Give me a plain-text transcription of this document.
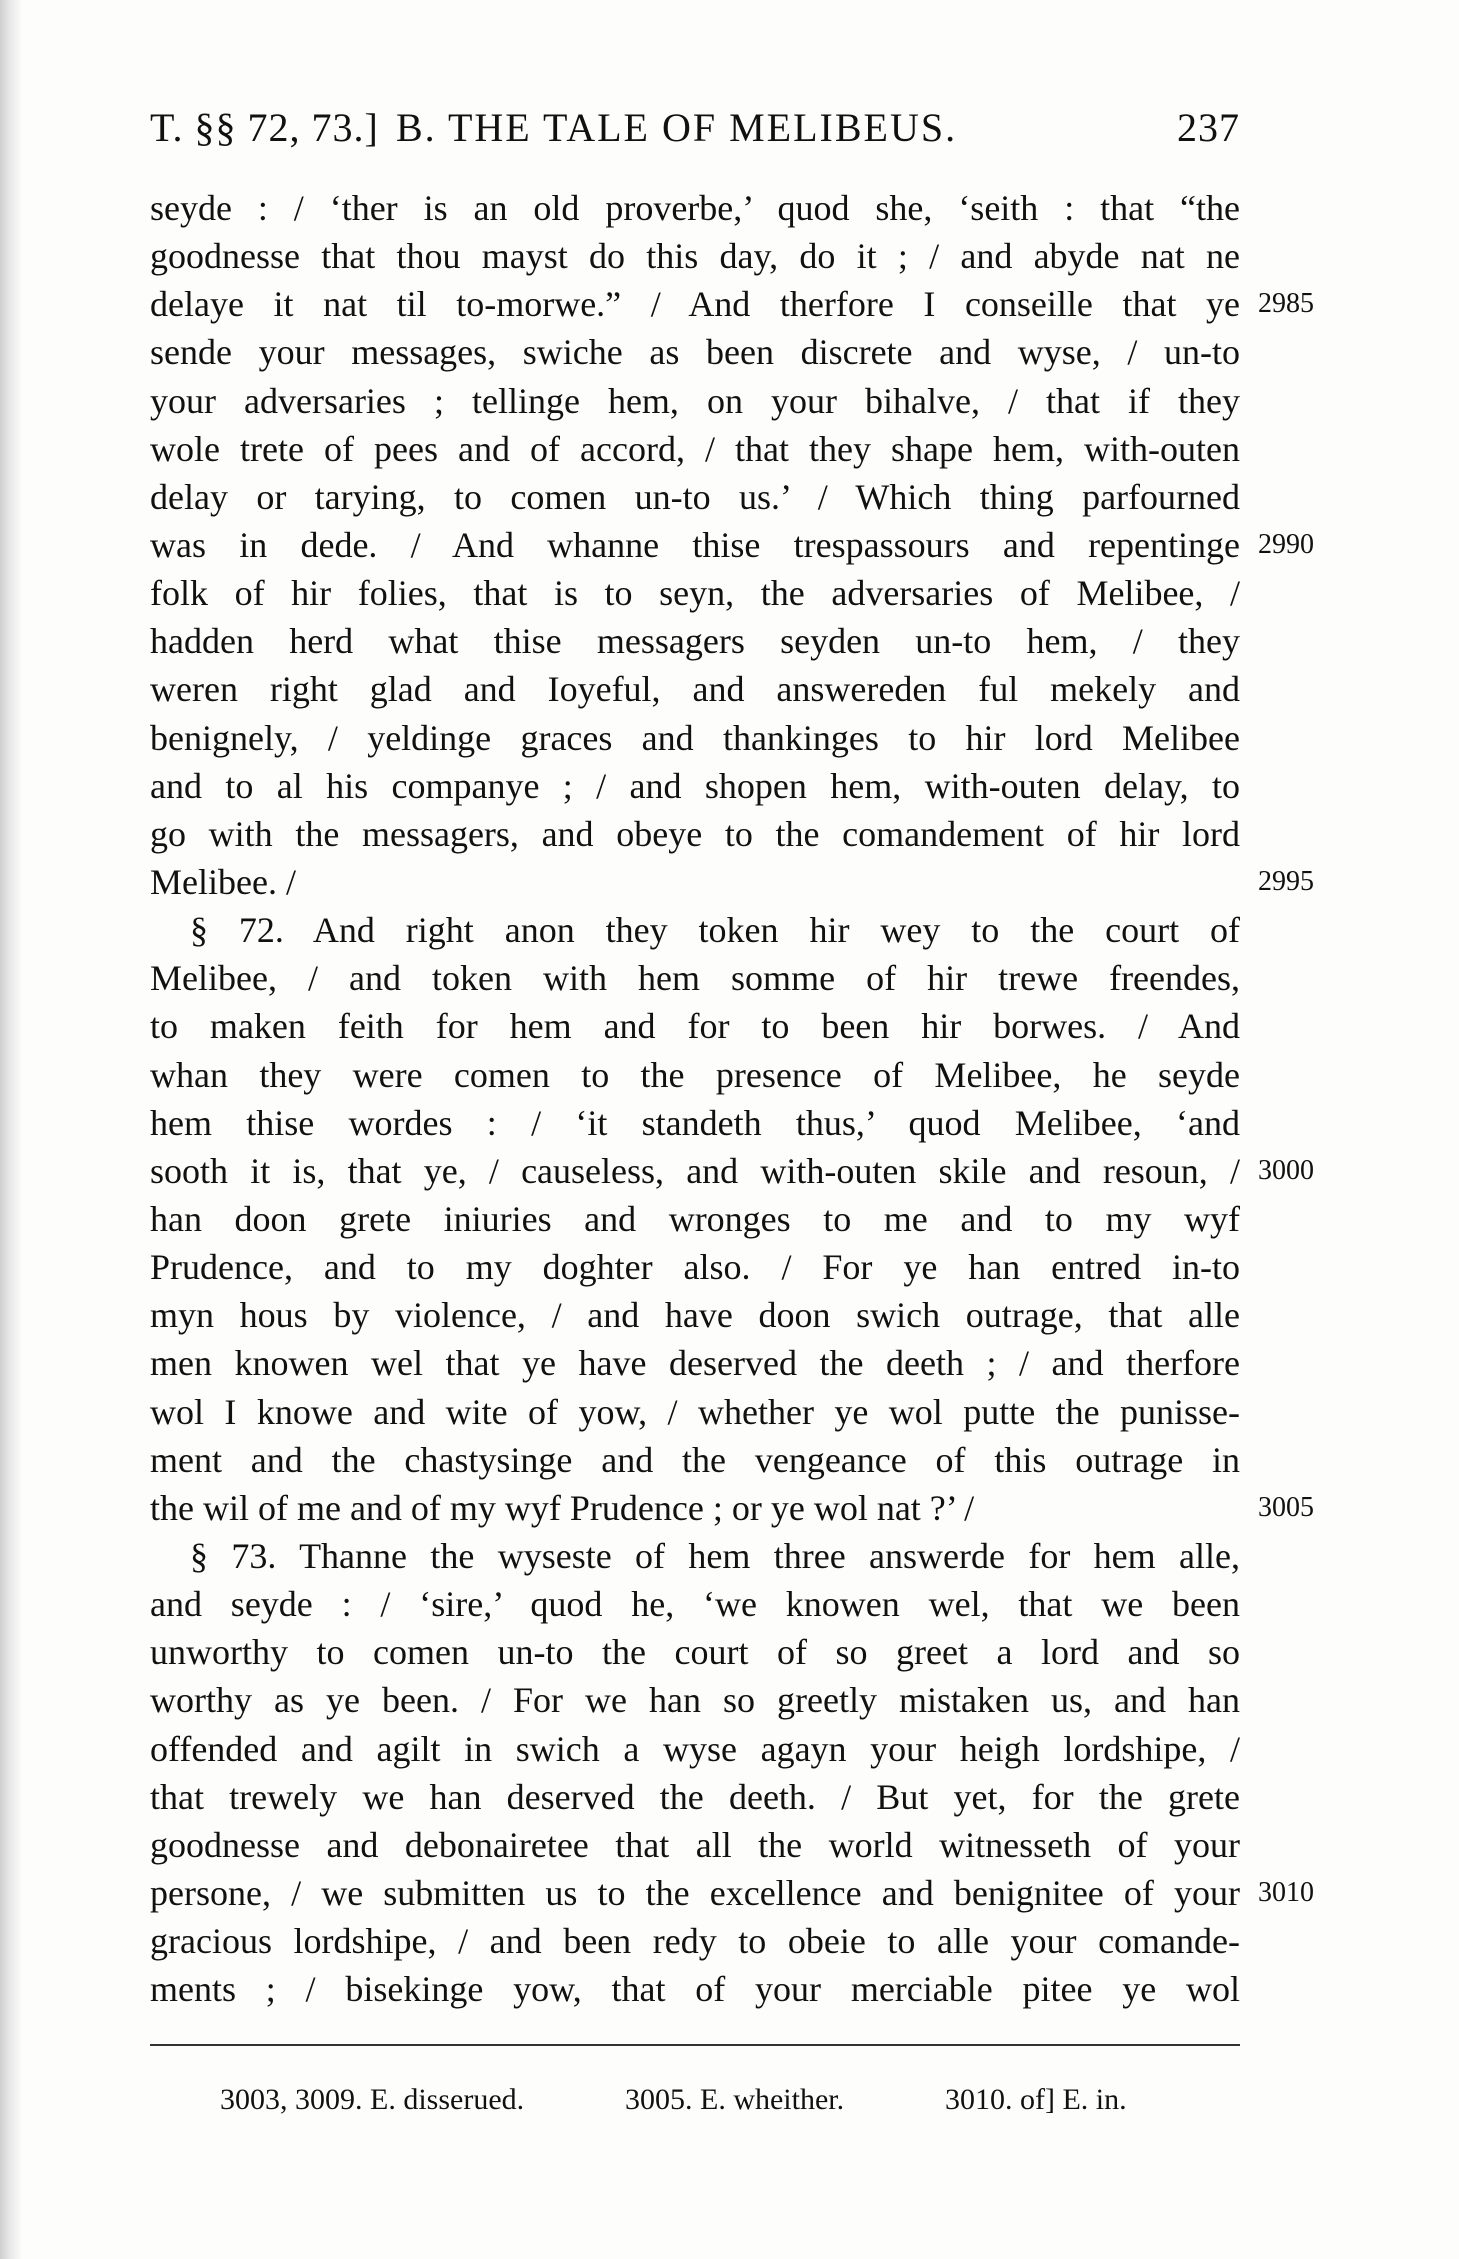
T. §§ 72, 73.] B. THE TALE OF MELIBEUS.	237
seyde : / ‘ther is an old proverbe,’ quod she, ‘seith : that “the
goodnesse that thou mayst do this day, do it ; / and abyde nat ne
delaye it nat til to-morwe.” / And therfore I conseille that ye
sende your messages, swiche as been discrete and wyse, / un-to
your adversaries ; tellinge hem, on your bihalve, / that if they
wole trete of pees and of accord, / that they shape hem, with-outen
delay or tarying, to comen un-to us.’ / Which thing parfourned
was in dede. / And whanne thise trespassours and repentinge
folk of hir folies, that is to seyn, the adversaries of Melibee, /
hadden herd what thise messagers seyden un-to hem, / they
weren right glad and Ioyeful, and answereden ful mekely and
benignely, / yeldinge graces and thankinges to hir lord Melibee
and to al his companye ; / and shopen hem, with-outen delay, to
go with the messagers, and obeye to the comandement of hir lord
Melibee. /
§ 72. And right anon they token hir wey to the court of
Melibee, / and token with hem somme of hir trewe freendes,
to maken feith for hem and for to been hir borwes. / And
whan they were comen to the presence of Melibee, he seyde
hem thise wordes : / ‘it standeth thus,’ quod Melibee, ‘and
sooth it is, that ye, / causeless, and with-outen skile and resoun, /
han doon grete iniuries and wronges to me and to my wyf
Prudence, and to my doghter also. / For ye han entred in-to
myn hous by violence, / and have doon swich outrage, that alle
men knowen wel that ye have deserved the deeth ; / and therfore
wol I knowe and wite of yow, / whether ye wol putte the punisse-
ment and the chastysinge and the vengeance of this outrage in
the wil of me and of my wyf Prudence ; or ye wol nat ?’ /
§ 73. Thanne the wyseste of hem three answerde for hem alle,
and seyde : / ‘sire,’ quod he, ‘we knowen wel, that we been
unworthy to comen un-to the court of so greet a lord and so
worthy as ye been. / For we han so greetly mistaken us, and han
offended and agilt in swich a wyse agayn your heigh lordshipe, /
that trewely we han deserved the deeth. / But yet, for the grete
goodnesse and debonairetee that all the world witnesseth of your
persone, / we submitten us to the excellence and benignitee of your
gracious lordshipe, / and been redy to obeie to alle your comande-
ments ; / bisekinge yow, that of your merciable pitee ye wol
2985
2990
2995
3000
3005
3010
3003, 3009. E. disserued.	3005. E. wheither.	3010. of] E. in.
